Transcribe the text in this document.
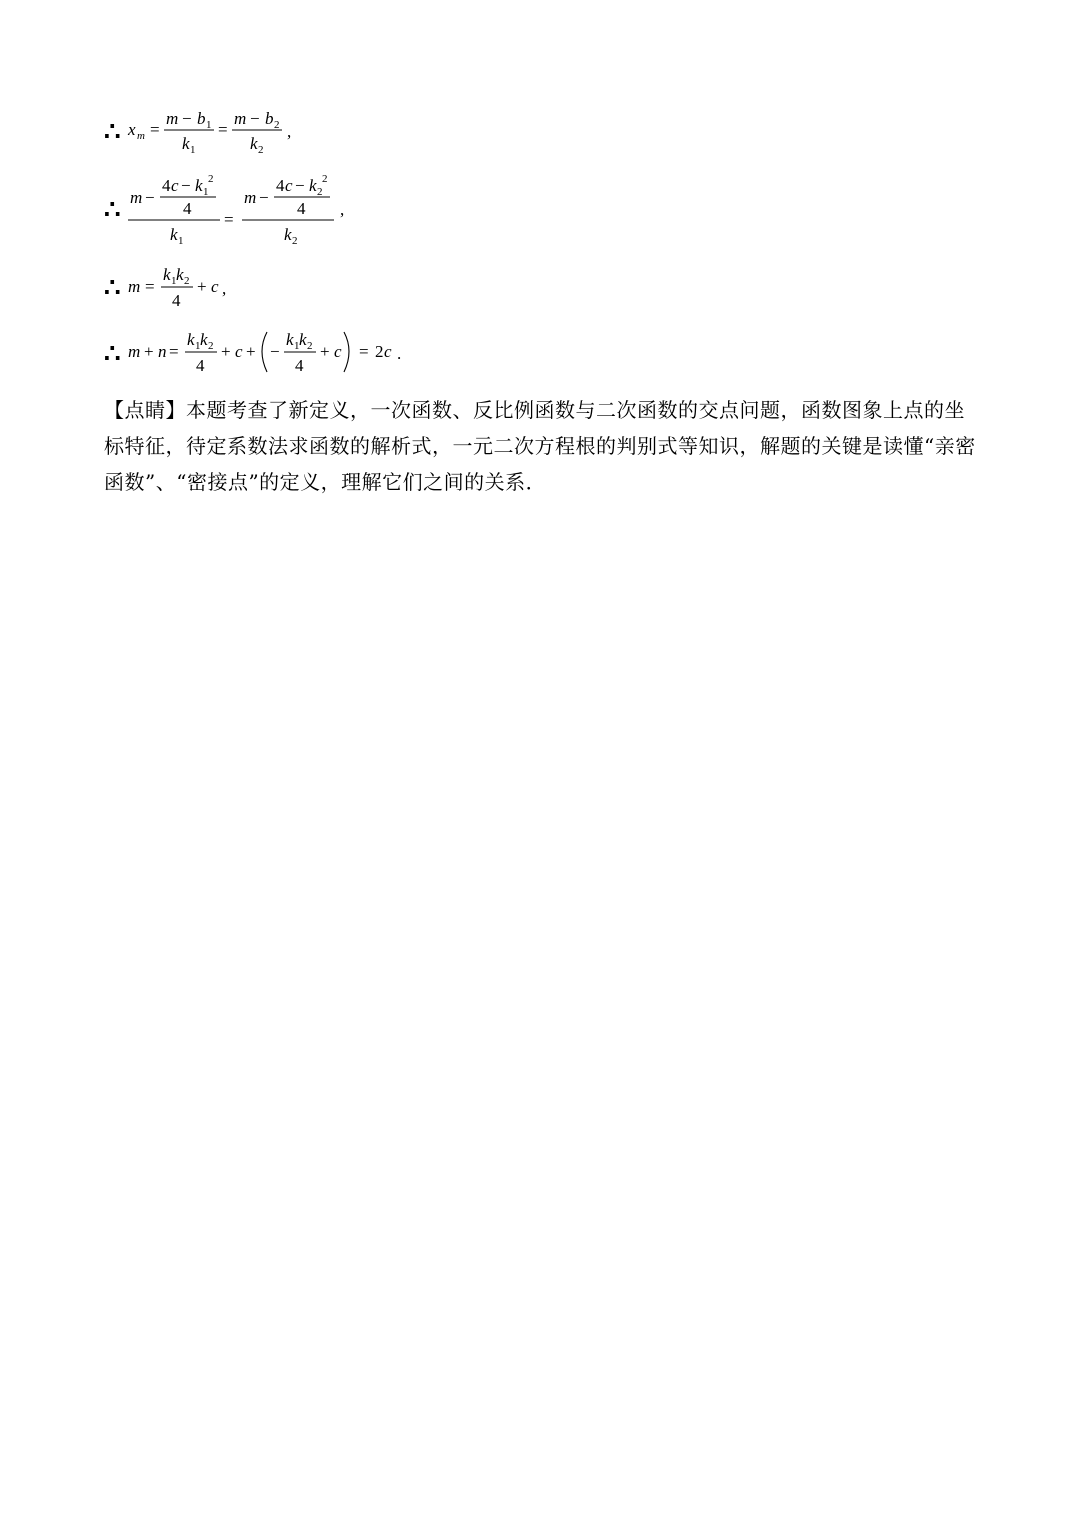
∴ x m =
m − b 1
k 1
=
m − b 2
k 2
,
∴ m −
4 c − k 1
2
4
k 1
=
m −
4 c − k 2
2
4
k 2
,
∴ m =
k 1 k 2
4
+ c ,
∴ m + n =
k 1 k 2
4
+ c + −
k 1 k 2
4
+ c = 2 c .
【点睛】本题考查了新定义，一次函数、反比例函数与二次函数的交点问题，函数图象上点的坐标特征，待定系数法求函数的解析式，一元二次方程根的判别式等知识，解题的关键是读懂“亲密函数”、“密接点”的定义，理解它们之间的关系．
